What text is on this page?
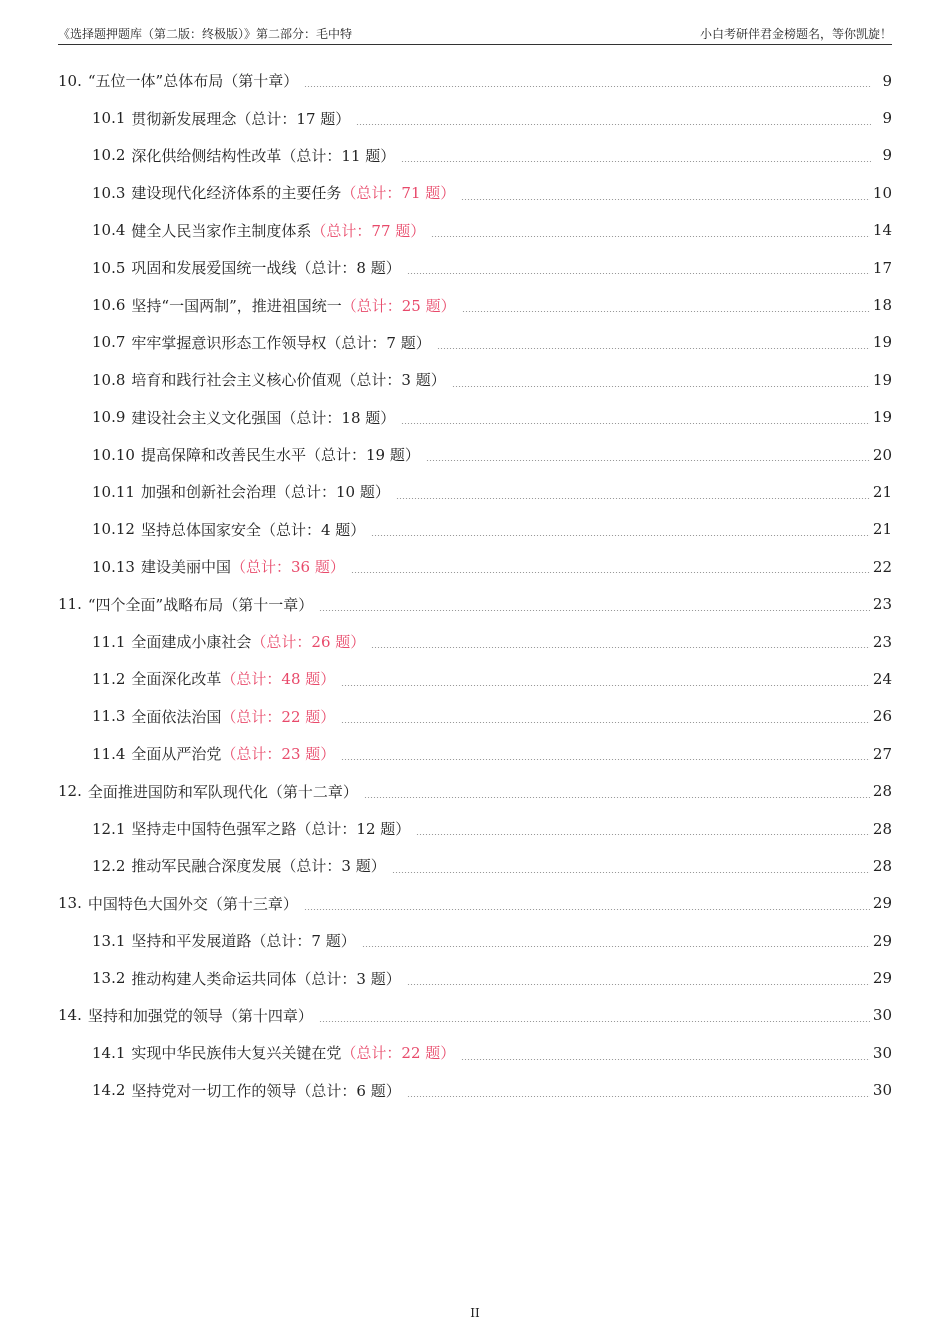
《选择题押题库（第二版：终极版）》第二部分：毛中特	小白考研伴君金榜题名，等你凯旋！
10. “五位一体”总体布局（第十章）	9
10.1 贯彻新发展理念 （总计：17 题）	9
10.2 深化供给侧结构性改革 （总计：11 题）	9
10.3 建设现代化经济体系的主要任务 （总计：71 题）	10
10.4 健全人民当家作主制度体系 （总计：77 题）	14
10.5 巩固和发展爱国统一战线 （总计：8 题）	17
10.6 坚持“一国两制”，推进祖国统一 （总计：25 题）	18
10.7 牢牢掌握意识形态工作领导权 （总计：7 题）	19
10.8 培育和践行社会主义核心价值观 （总计：3 题）	19
10.9 建设社会主义文化强国 （总计：18 题）	19
10.10 提高保障和改善民生水平 （总计：19 题）	20
10.11 加强和创新社会治理 （总计：10 题）	21
10.12 坚持总体国家安全 （总计：4 题）	21
10.13 建设美丽中国 （总计：36 题）	22
11. “四个全面”战略布局（第十一章）	23
11.1 全面建成小康社会 （总计：26 题）	23
11.2 全面深化改革 （总计：48 题）	24
11.3 全面依法治国 （总计：22 题）	26
11.4 全面从严治党 （总计：23 题）	27
12. 全面推进国防和军队现代化（第十二章）	28
12.1 坚持走中国特色强军之路 （总计：12 题）	28
12.2 推动军民融合深度发展 （总计：3 题）	28
13. 中国特色大国外交（第十三章）	29
13.1 坚持和平发展道路 （总计：7 题）	29
13.2 推动构建人类命运共同体 （总计：3 题）	29
14. 坚持和加强党的领导（第十四章）	30
14.1 实现中华民族伟大复兴关键在党 （总计：22 题）	30
14.2 坚持党对一切工作的领导 （总计：6 题）	30
II
